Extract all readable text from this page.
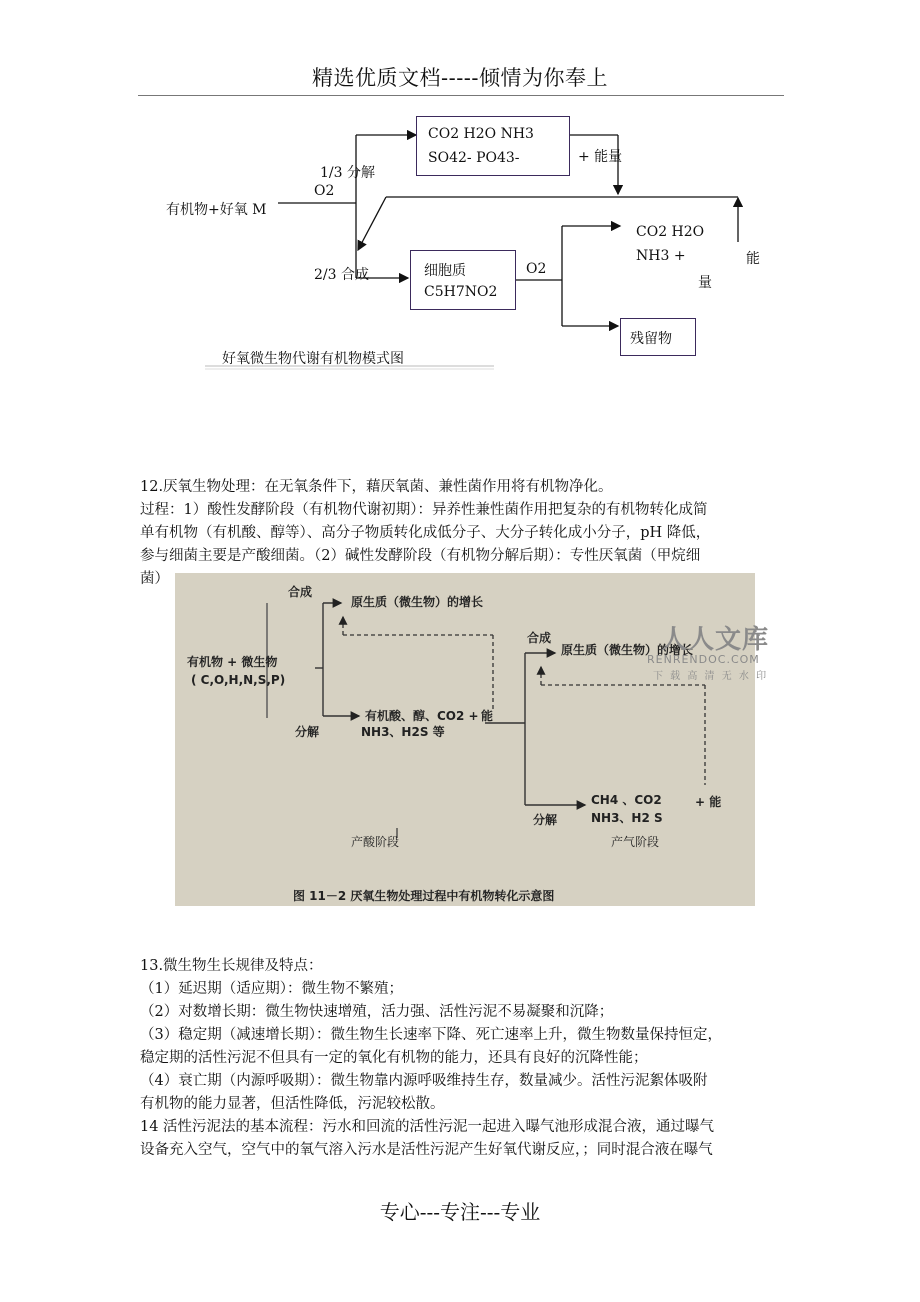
精选优质文档-----倾情为你奉上
CO2 H2O NH3
SO42- PO43-	+ 能量
1/3 分解
O2
有机物+好氧 M
2/3 合成	细胞质
C5H7NO2
O2
CO2 H2O
NH3 +	能
量
残留物
好氧微生物代谢有机物模式图
12.厌氧生物处理：在无氧条件下，藉厌氧菌、兼性菌作用将有机物净化。
过程：1）酸性发酵阶段（有机物代谢初期）：异养性兼性菌作用把复杂的有机物转化成简
单有机物（有机酸、醇等）、高分子物质转化成低分子、大分子转化成小分子，pH 降低，
参与细菌主要是产酸细菌。（2）碱性发酵阶段（有机物分解后期）：专性厌氧菌（甲烷细
菌）
合成
原生质（微生物）的增长
有机物 + 微生物
( C,O,H,N,S,P)
分解
有机酸、醇、CO2 +
NH3、H2S 等
能
合成
原生质（微生物）的增长
分解
CH4 、CO2
NH3、H2 S
+ 能
产酸阶段	产气阶段
图 11－2 厌氧生物处理过程中有机物转化示意图
人人文库
RENRENDOC.COM
下 载 高 清 无 水 印
13.微生物生长规律及特点：
（1）延迟期（适应期）：微生物不繁殖；
（2）对数增长期：微生物快速增殖，活力强、活性污泥不易凝聚和沉降；
（3）稳定期（减速增长期）：微生物生长速率下降、死亡速率上升，微生物数量保持恒定，
稳定期的活性污泥不但具有一定的氧化有机物的能力，还具有良好的沉降性能；
（4）衰亡期（内源呼吸期）：微生物靠内源呼吸维持生存，数量减少。活性污泥絮体吸附
有机物的能力显著，但活性降低，污泥较松散。
14 活性污泥法的基本流程：污水和回流的活性污泥一起进入曝气池形成混合液，通过曝气
设备充入空气，空气中的氧气溶入污水是活性污泥产生好氧代谢反应，；同时混合液在曝气
专心---专注---专业
